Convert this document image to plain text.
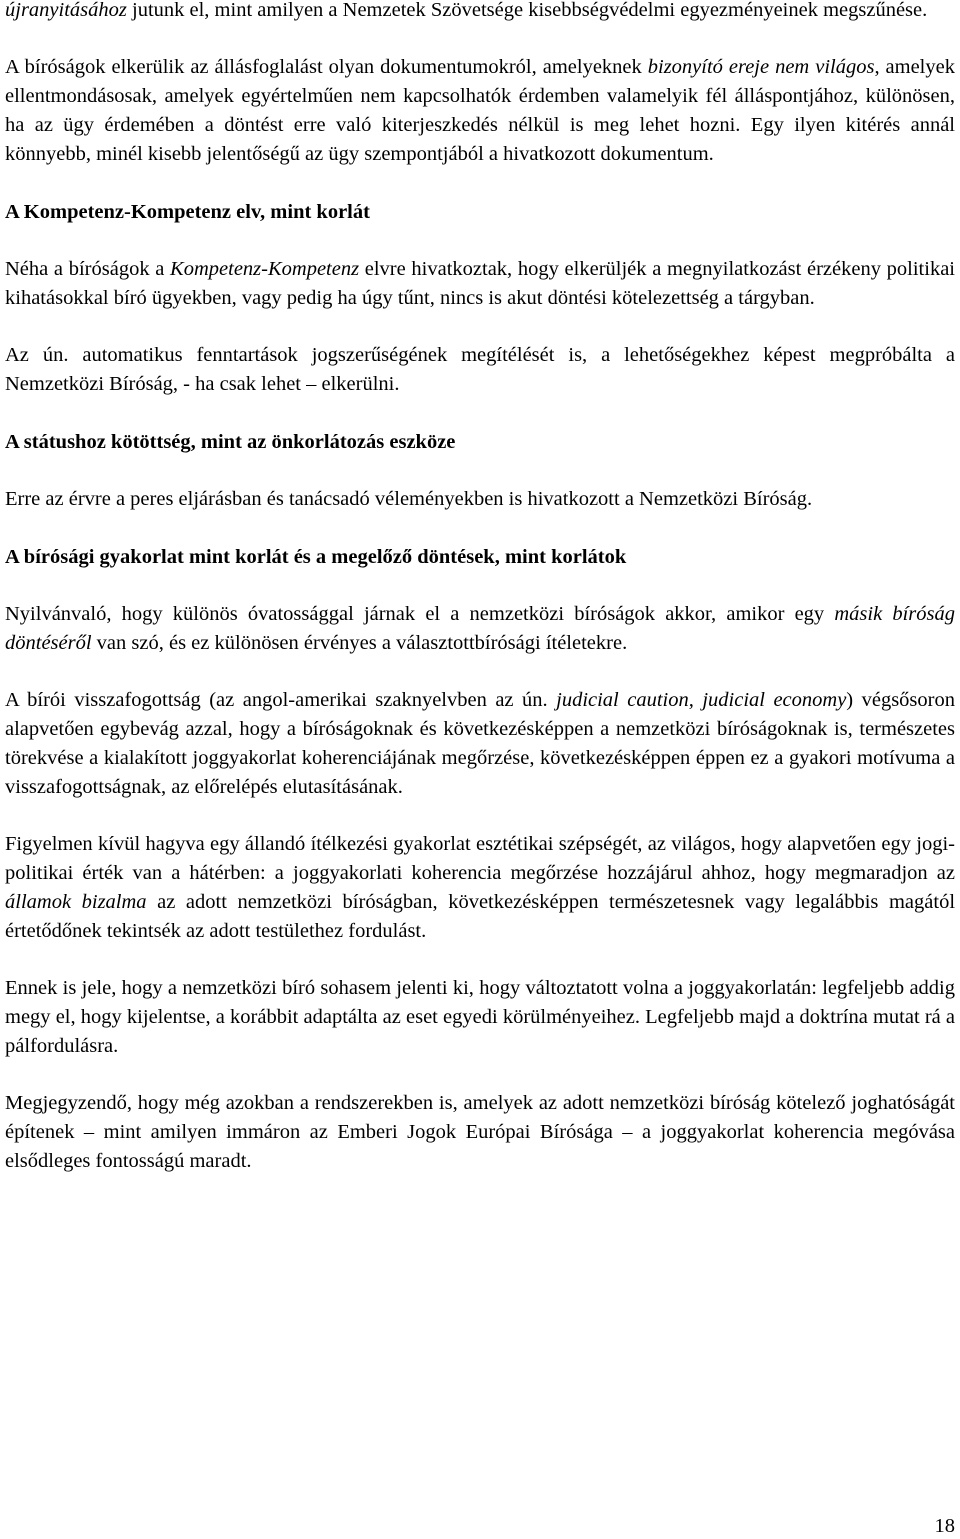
újranyitásához jutunk el, mint amilyen a Nemzetek Szövetsége kisebbségvédelmi egyezményeinek megszűnése.

A bíróságok elkerülik az állásfoglalást olyan dokumentumokról, amelyeknek bizonyító ereje nem világos, amelyek ellentmondásosak, amelyek egyértelműen nem kapcsolhatók érdemben valamelyik fél álláspontjához, különösen, ha az ügy érdemében a döntést erre való kiterjeszkedés nélkül is meg lehet hozni. Egy ilyen kitérés annál könnyebb, minél kisebb jelentőségű az ügy szempontjából a hivatkozott dokumentum.

A Kompetenz-Kompetenz elv, mint korlát

Néha a bíróságok a Kompetenz-Kompetenz elvre hivatkoztak, hogy elkerüljék a megnyilatkozást érzékeny politikai kihatásokkal bíró ügyekben, vagy pedig ha úgy tűnt, nincs is akut döntési kötelezettség a tárgyban.

Az ún. automatikus fenntartások jogszerűségének megítélését is, a lehetőségekhez képest megpróbálta a Nemzetközi Bíróság, - ha csak lehet – elkerülni.

A státushoz kötöttség, mint az önkorlátozás eszköze

Erre az érvre a peres eljárásban és tanácsadó véleményekben is hivatkozott a Nemzetközi Bíróság.

A bírósági gyakorlat mint korlát és a megelőző döntések, mint korlátok

Nyilvánvaló, hogy különös óvatossággal járnak el a nemzetközi bíróságok akkor, amikor egy másik bíróság döntéséről van szó, és ez különösen érvényes a választottbírósági ítéletekre.

A bírói visszafogottság (az angol-amerikai szaknyelvben az ún. judicial caution, judicial economy) végsősoron alapvetően egybevág azzal, hogy a bíróságoknak és következésképpen a nemzetközi bíróságoknak is, természetes törekvése a kialakított joggyakorlat koherenciájának megőrzése, következésképpen éppen ez a gyakori motívuma a visszafogottságnak, az előrelépés elutasításának.

Figyelmen kívül hagyva egy állandó ítélkezési gyakorlat esztétikai szépségét, az világos, hogy alapvetően egy jogi-politikai érték van a hátérben: a joggyakorlati koherencia megőrzése hozzájárul ahhoz, hogy megmaradjon az államok bizalma az adott nemzetközi bíróságban, következésképpen természetesnek vagy legalábbis magától értetődőnek tekintsék az adott testülethez fordulást.

Ennek is jele, hogy a nemzetközi bíró sohasem jelenti ki, hogy változtatott volna a joggyakorlatán: legfeljebb addig megy el, hogy kijelentse, a korábbit adaptálta az eset egyedi körülményeihez. Legfeljebb majd a doktrína mutat rá a pálfordulásra.

Megjegyzendő, hogy még azokban a rendszerekben is, amelyek az adott nemzetközi bíróság kötelező joghatóságát építenek – mint amilyen immáron az Emberi Jogok Európai Bírósága – a joggyakorlat koherencia megóvása elsődleges fontosságú maradt.

18
